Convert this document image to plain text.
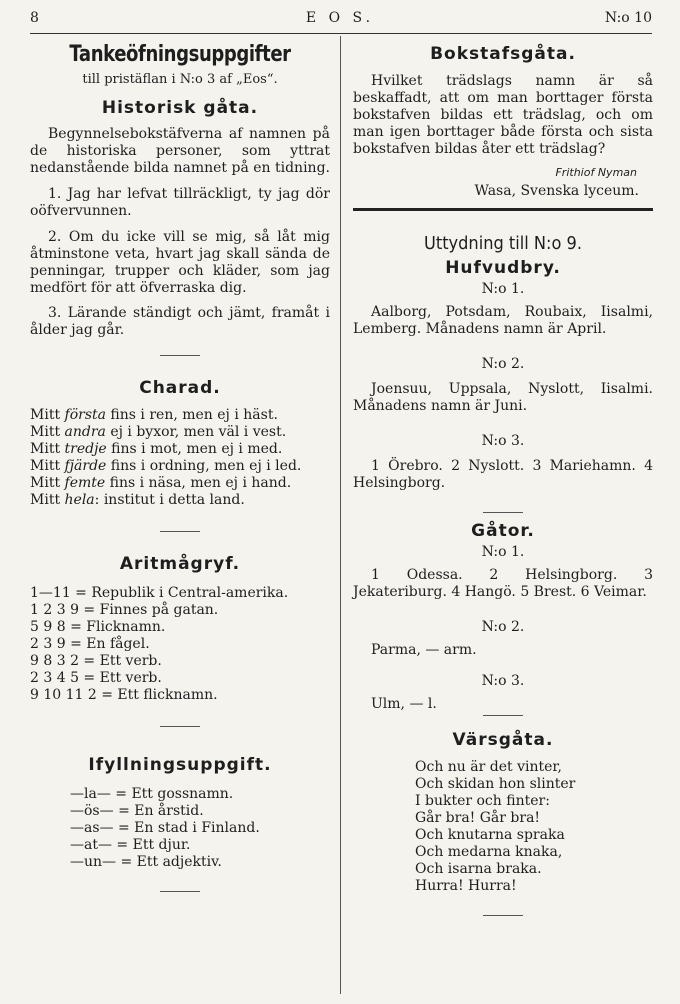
8	E O S.	N:o 10
Tankeöfningsuppgifter

till pristäflan i N:o 3 af „Eos“.

Historisk gåta.

Begynnelsebokstäfverna af namnen på de historiska personer, som yttrat nedanstående bilda namnet på en tidning.

1. Jag har lefvat tillräckligt, ty jag dör oöfvervunnen.

2. Om du icke vill se mig, så låt mig åtminstone veta, hvart jag skall sända de penningar, trupper och kläder, som jag medfört för att öfverraska dig.

3. Lärande ständigt och jämt, framåt i ålder jag går.

Charad.

Mitt första fins i ren, men ej i häst.

Mitt andra ej i byxor, men väl i vest.

Mitt tredje fins i mot, men ej i med.

Mitt fjärde fins i ordning, men ej i led.

Mitt femte fins i näsa, men ej i hand.

Mitt hela: institut i detta land.

Aritmågryf.

1—11 = Republik i Central-amerika.

1 2 3 9 = Finnes på gatan.

5 9 8 = Flicknamn.

2 3 9 = En fågel.

9 8 3 2 = Ett verb.

2 3 4 5 = Ett verb.

9 10 11 2 = Ett flicknamn.

Ifyllningsuppgift.

—la— = Ett gossnamn.

—ös— = En årstid.

—as— = En stad i Finland.

—at— = Ett djur.

—un— = Ett adjektiv.

Bokstafsgåta.

Hvilket trädslags namn är så beskaffadt, att om man borttager första bokstafven bildas ett trädslag, och om man igen borttager både första och sista bokstafven bildas åter ett trädslag?

Frithiof Nyman

Wasa, Svenska lyceum.

Uttydning till N:o 9.
Hufvudbry.

N:o 1.

Aalborg, Potsdam, Roubaix, Iisalmi, Lemberg. Månadens namn är April.

N:o 2.

Joensuu, Uppsala, Nyslott, Iisalmi. Månadens namn är Juni.

N:o 3.

1 Örebro. 2 Nyslott. 3 Mariehamn. 4 Helsingborg.

Gåtor.

N:o 1.

1 Odessa. 2 Helsingborg. 3 Jekateriburg. 4 Hangö. 5 Brest. 6 Veimar.

N:o 2.

Parma, — arm.

N:o 3.

Ulm, — l.

Värsgåta.

Och nu är det vinter,

Och skidan hon slinter

I bukter och finter:

Går bra! Går bra!

Och knutarna spraka

Och medarna knaka,

Och isarna braka.

Hurra! Hurra!
